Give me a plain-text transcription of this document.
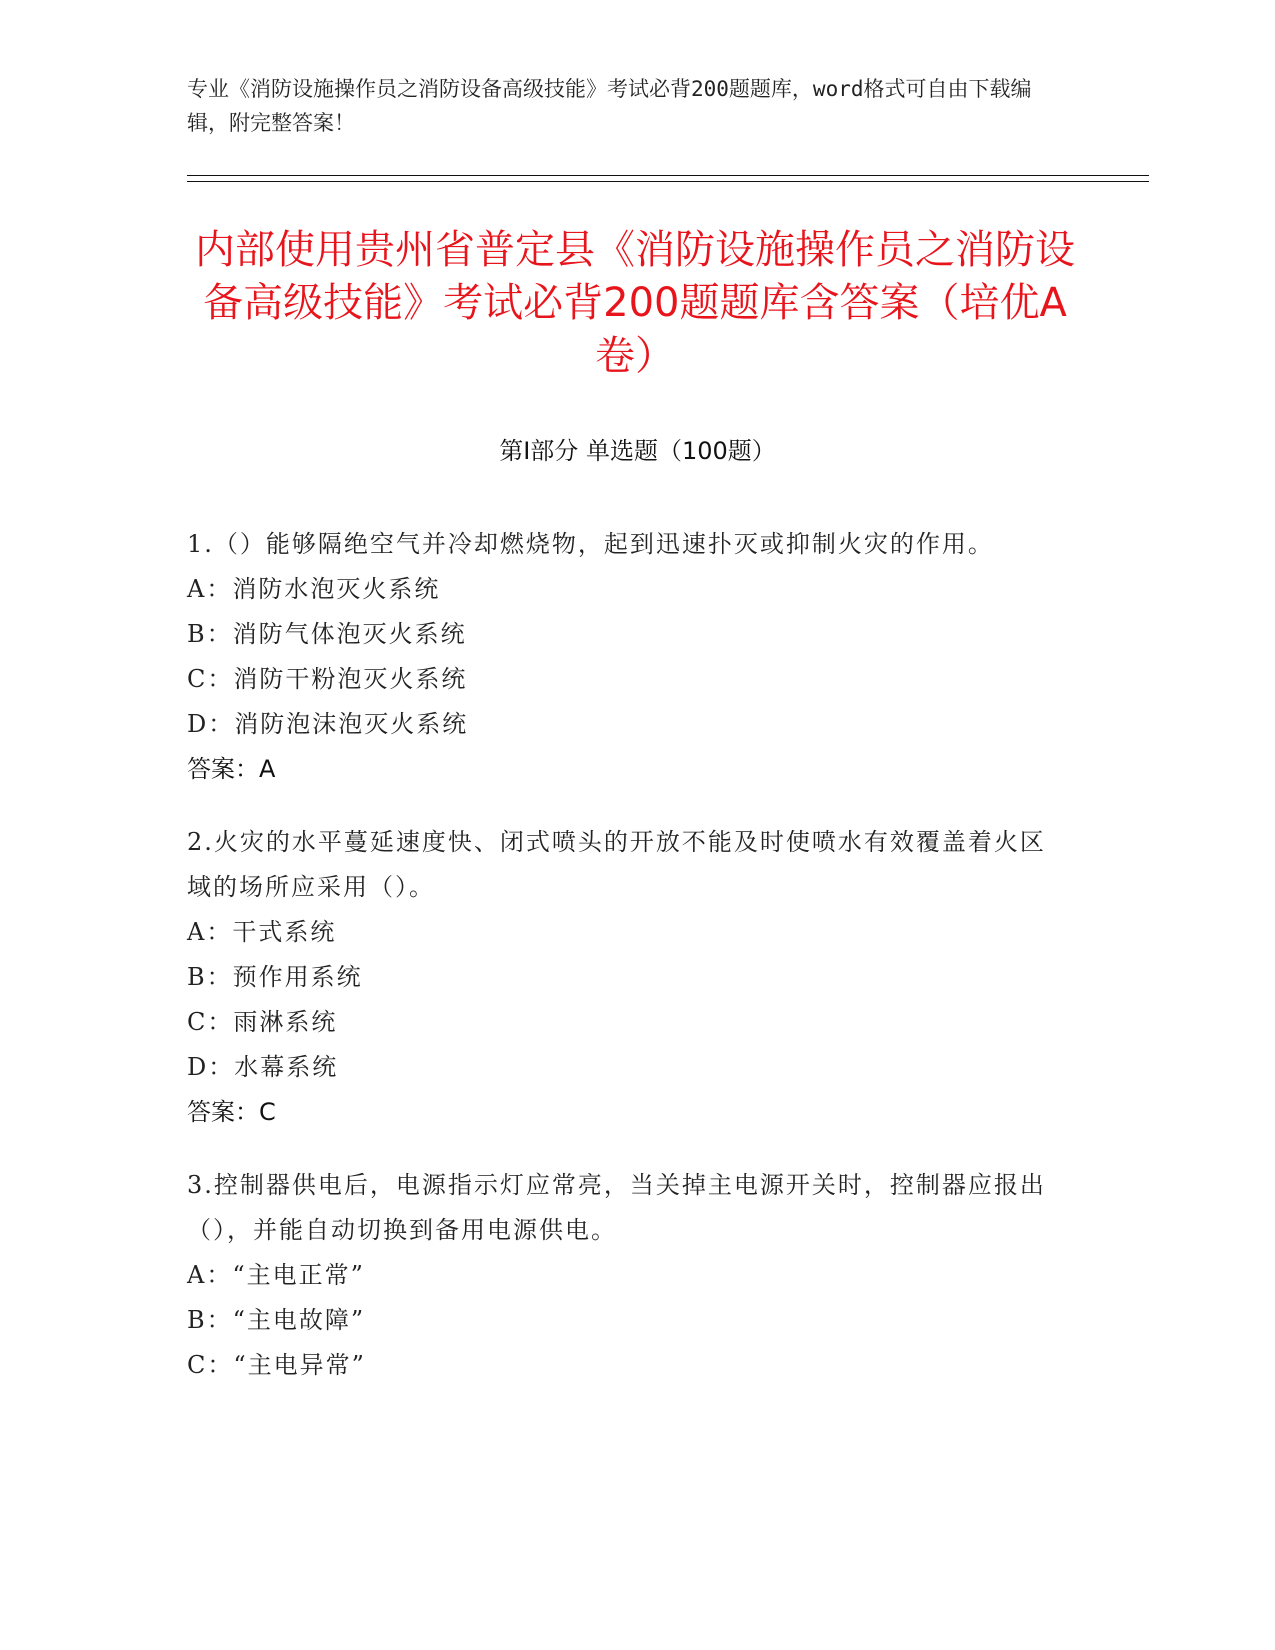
专业《消防设施操作员之消防设备高级技能》考试必背200题题库，word格式可自由下载编辑，附完整答案！
内部使用贵州省普定县《消防设施操作员之消防设备高级技能》考试必背200题题库含答案（培优A卷）
第I部分 单选题（100题）

1.（）能够隔绝空气并冷却燃烧物，起到迅速扑灭或抑制火灾的作用。

A：消防水泡灭火系统

B：消防气体泡灭火系统

C：消防干粉泡灭火系统

D：消防泡沫泡灭火系统

答案：A

2.火灾的水平蔓延速度快、闭式喷头的开放不能及时使喷水有效覆盖着火区域的场所应采用（）。

A：干式系统

B：预作用系统

C：雨淋系统

D：水幕系统

答案：C

3.控制器供电后，电源指示灯应常亮，当关掉主电源开关时，控制器应报出（），并能自动切换到备用电源供电。

A：“主电正常”

B：“主电故障”

C：“主电异常”
